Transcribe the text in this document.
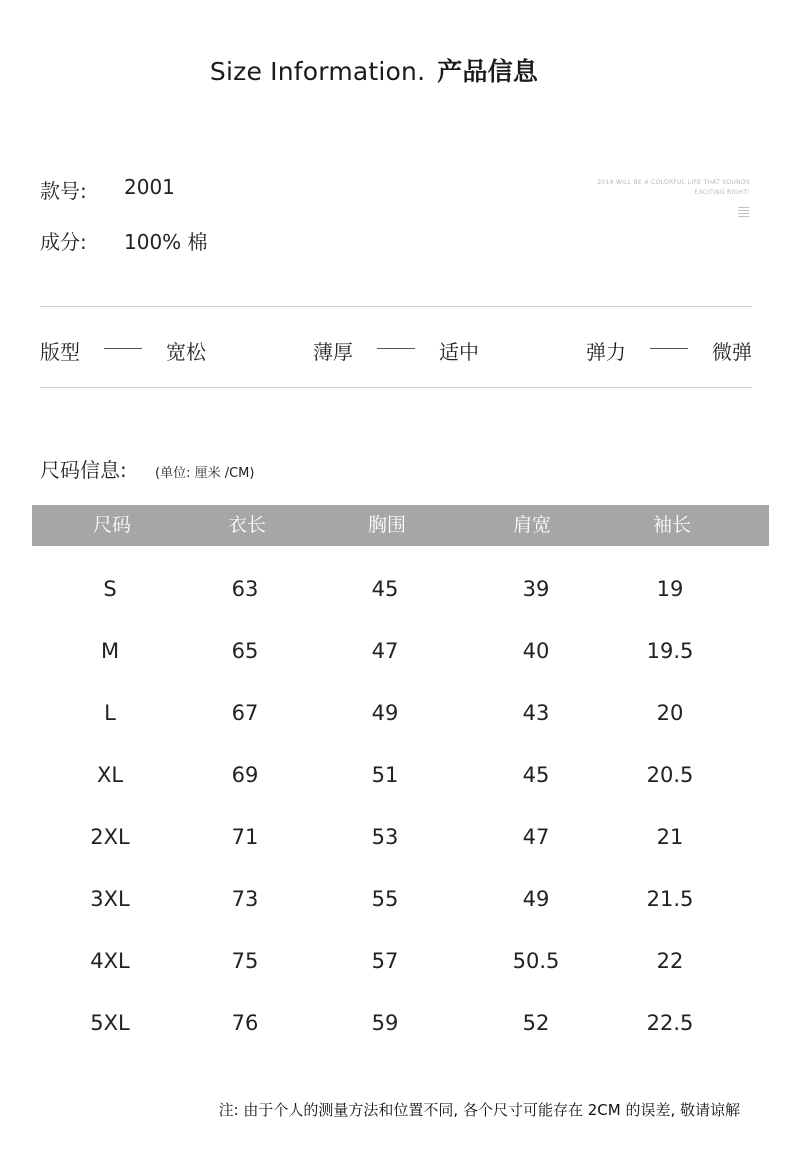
Size Information. 产品信息
款号: 2001
成分: 100% 棉
2019 WILL BE A COLORFUL LIFE THAT SOUNDS
EXCITING RIGHT!
版型	宽松	薄厚	适中	弹力	微弹
尺码信息: (单位: 厘米 /CM)
尺码	衣长	胸围	肩宽	袖长
S	63	45	39	19
M	65	47	40	19.5
L	67	49	43	20
XL	69	51	45	20.5
2XL	71	53	47	21
3XL	73	55	49	21.5
4XL	75	57	50.5	22
5XL	76	59	52	22.5
注: 由于个人的测量方法和位置不同, 各个尺寸可能存在 2CM 的误差, 敬请谅解
